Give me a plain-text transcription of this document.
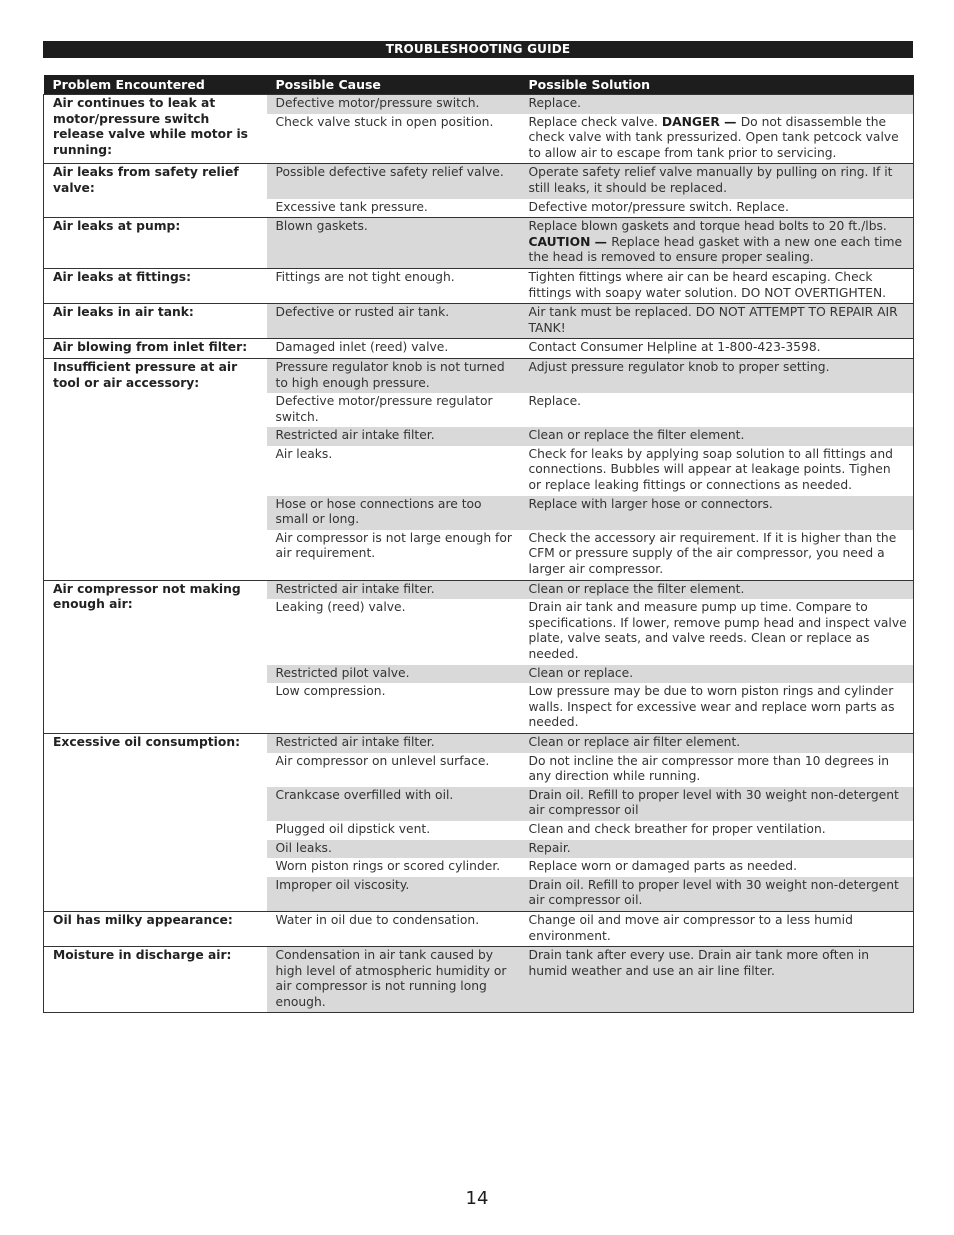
TROUBLESHOOTING GUIDE
Problem Encountered	Possible Cause	Possible Solution
Air continues to leak at motor/pressure switch release valve while motor is running:	Defective motor/pressure switch.	Replace.
	Check valve stuck in open position.	Replace check valve. DANGER — Do not disassemble the check valve with tank pressurized. Open tank petcock valve to allow air to escape from tank prior to servicing.
Air leaks from safety relief valve:	Possible defective safety relief valve.	Operate safety relief valve manually by pulling on ring. If it still leaks, it should be replaced.
	Excessive tank pressure.	Defective motor/pressure switch. Replace.
Air leaks at pump:	Blown gaskets.	Replace blown gaskets and torque head bolts to 20 ft./lbs. CAUTION — Replace head gasket with a new one each time the head is removed to ensure proper sealing.
Air leaks at fittings:	Fittings are not tight enough.	Tighten fittings where air can be heard escaping. Check fittings with soapy water solution. DO NOT OVERTIGHTEN.
Air leaks in air tank:	Defective or rusted air tank.	Air tank must be replaced. DO NOT ATTEMPT TO REPAIR AIR TANK!
Air blowing from inlet filter:	Damaged inlet (reed) valve.	Contact Consumer Helpline at 1-800-423-3598.
Insufficient pressure at air tool or air accessory:	Pressure regulator knob is not turned to high enough pressure.	Adjust pressure regulator knob to proper setting.
	Defective motor/pressure regulator switch.	Replace.
	Restricted air intake filter.	Clean or replace the filter element.
	Air leaks.	Check for leaks by applying soap solution to all fittings and connections. Bubbles will appear at leakage points. Tighen or replace leaking fittings or connections as needed.
	Hose or hose connections are too small or long.	Replace with larger hose or connectors.
	Air compressor is not large enough for air requirement.	Check the accessory air requirement. If it is higher than the CFM or pressure supply of the air compressor, you need a larger air compressor.
Air compressor not making enough air:	Restricted air intake filter.	Clean or replace the filter element.
	Leaking (reed) valve.	Drain air tank and measure pump up time. Compare to specifications. If lower, remove pump head and inspect valve plate, valve seats, and valve reeds. Clean or replace as needed.
	Restricted pilot valve.	Clean or replace.
	Low compression.	Low pressure may be due to worn piston rings and cylinder walls. Inspect for excessive wear and replace worn parts as needed.
Excessive oil consumption:	Restricted air intake filter.	Clean or replace air filter element.
	Air compressor on unlevel surface.	Do not incline the air compressor more than 10 degrees in any direction while running.
	Crankcase overfilled with oil.	Drain oil. Refill to proper level with 30 weight non-detergent air compressor oil
	Plugged oil dipstick vent.	Clean and check breather for proper ventilation.
	Oil leaks.	Repair.
	Worn piston rings or scored cylinder.	Replace worn or damaged parts as needed.
	Improper oil viscosity.	Drain oil. Refill to proper level with 30 weight non-detergent air compressor oil.
Oil has milky appearance:	Water in oil due to condensation.	Change oil and move air compressor to a less humid environment.
Moisture in discharge air:	Condensation in air tank caused by high level of atmospheric humidity or air compressor is not running long enough.	Drain tank after every use. Drain air tank more often in humid weather and use an air line filter.
14
